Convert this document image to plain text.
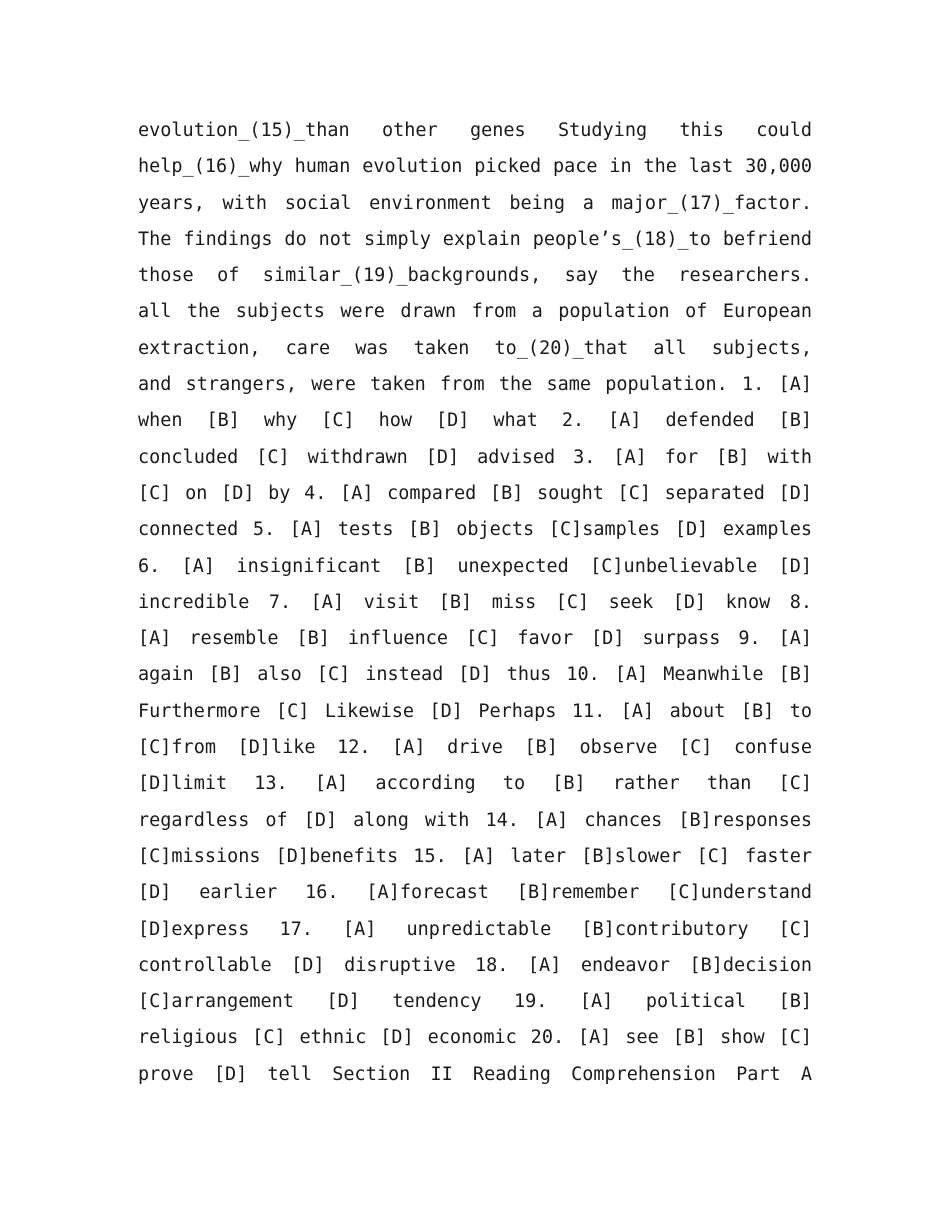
evolution_(15)_than other genes Studying this could
help_(16)_why human evolution picked pace in the last 30,000
years, with social environment being a major_(17)_factor.
The findings do not simply explain people’s_(18)_to befriend
those of similar_(19)_backgrounds, say the researchers.
all the subjects were drawn from a population of European
extraction, care was taken to_(20)_that all subjects,
and strangers, were taken from the same population. 1. [A]
when [B] why [C] how [D] what 2. [A] defended [B]
concluded [C] withdrawn [D] advised 3. [A] for [B] with
[C] on [D] by 4. [A] compared [B] sought [C] separated [D]
connected 5. [A] tests [B] objects [C]samples [D] examples
6. [A] insignificant [B] unexpected [C]unbelievable [D]
incredible 7. [A] visit [B] miss [C] seek [D] know 8.
[A] resemble [B] influence [C] favor [D] surpass 9. [A]
again [B] also [C] instead [D] thus 10. [A] Meanwhile [B]
Furthermore [C] Likewise [D] Perhaps 11. [A] about [B] to
[C]from [D]like 12. [A] drive [B] observe [C] confuse
[D]limit 13. [A] according to [B] rather than [C]
regardless of [D] along with 14. [A] chances [B]responses
[C]missions [D]benefits 15. [A] later [B]slower [C] faster
[D] earlier 16. [A]forecast [B]remember [C]understand
[D]express 17. [A] unpredictable [B]contributory [C]
controllable [D] disruptive 18. [A] endeavor [B]decision
[C]arrangement [D] tendency 19. [A] political [B]
religious [C] ethnic [D] economic 20. [A] see [B] show [C]
prove [D] tell Section II Reading Comprehension Part A
